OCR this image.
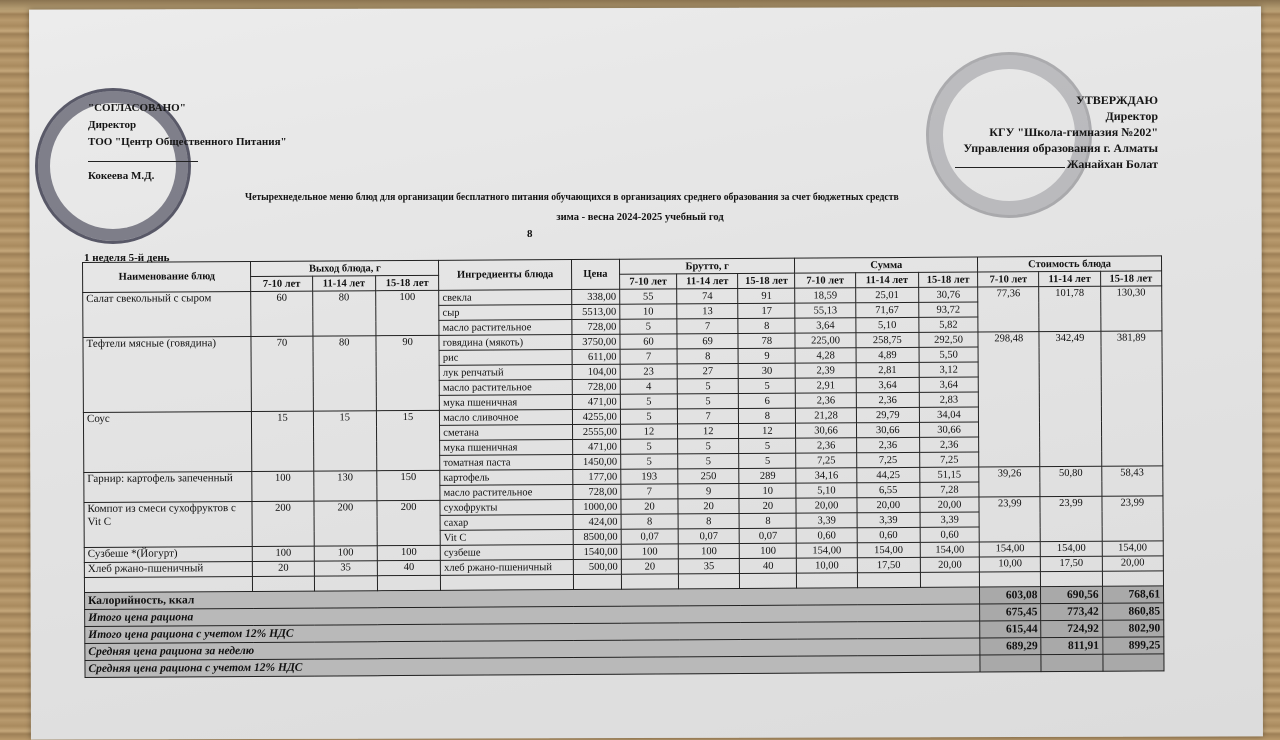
"СОГЛАСОВАНО"
Директор
ТОО "Центр Общественного Питания"
Кокеева М.Д.
УТВЕРЖДАЮ
Директор
КГУ "Школа-гимназия №202"
Управления образования г. Алматы
Жанайхан Болат
Четырехнедельное меню блюд для организации бесплатного питания обучающихся в организациях среднего образования за счет бюджетных средств
зима - весна 2024-2025 учебный год
8
1 неделя 5-й день
Наименование блюд	Выход блюда, г			Ингредиенты блюда	Цена	Брутто, г			Сумма			Стоимость блюда		
	7-10 лет	11-14 лет	15-18 лет			7-10 лет	11-14 лет	15-18 лет	7-10 лет	11-14 лет	15-18 лет	7-10 лет	11-14 лет	15-18 лет
Салат свекольный с сыром	60	80	100	свекла	338,00	55	74	91	18,59	25,01	30,76	77,36	101,78	130,30
				сыр	5513,00	10	13	17	55,13	71,67	93,72			
				масло растительное	728,00	5	7	8	3,64	5,10	5,82			
Тефтели мясные (говядина)	70	80	90	говядина (мякоть)	3750,00	60	69	78	225,00	258,75	292,50	298,48	342,49	381,89
				рис	611,00	7	8	9	4,28	4,89	5,50			
				лук репчатый	104,00	23	27	30	2,39	2,81	3,12			
				масло растительное	728,00	4	5	5	2,91	3,64	3,64			
				мука пшеничная	471,00	5	5	6	2,36	2,36	2,83			
Соус	15	15	15	масло сливочное	4255,00	5	7	8	21,28	29,79	34,04			
				сметана	2555,00	12	12	12	30,66	30,66	30,66			
				мука пшеничная	471,00	5	5	5	2,36	2,36	2,36			
				томатная паста	1450,00	5	5	5	7,25	7,25	7,25			
Гарнир: картофель запеченный	100	130	150	картофель	177,00	193	250	289	34,16	44,25	51,15	39,26	50,80	58,43
				масло растительное	728,00	7	9	10	5,10	6,55	7,28			
Компот из смеси сухофруктов с Vit C	200	200	200	сухофрукты	1000,00	20	20	20	20,00	20,00	20,00	23,99	23,99	23,99
				сахар	424,00	8	8	8	3,39	3,39	3,39			
				Vit C	8500,00	0,07	0,07	0,07	0,60	0,60	0,60			
Сузбеше *(Йогурт)	100	100	100	сузбеше	1540,00	100	100	100	154,00	154,00	154,00	154,00	154,00	154,00
Хлеб ржано-пшеничный	20	35	40	хлеб ржано-пшеничный	500,00	20	35	40	10,00	17,50	20,00	10,00	17,50	20,00

Калорийность, ккал												603,08	690,56	768,61
Итого цена рациона												675,45	773,42	860,85
Итого цена рациона с учетом 12% НДС												615,44	724,92	802,90
Средняя цена рациона за неделю												689,29	811,91	899,25
Средняя цена рациона с учетом 12% НДС														
